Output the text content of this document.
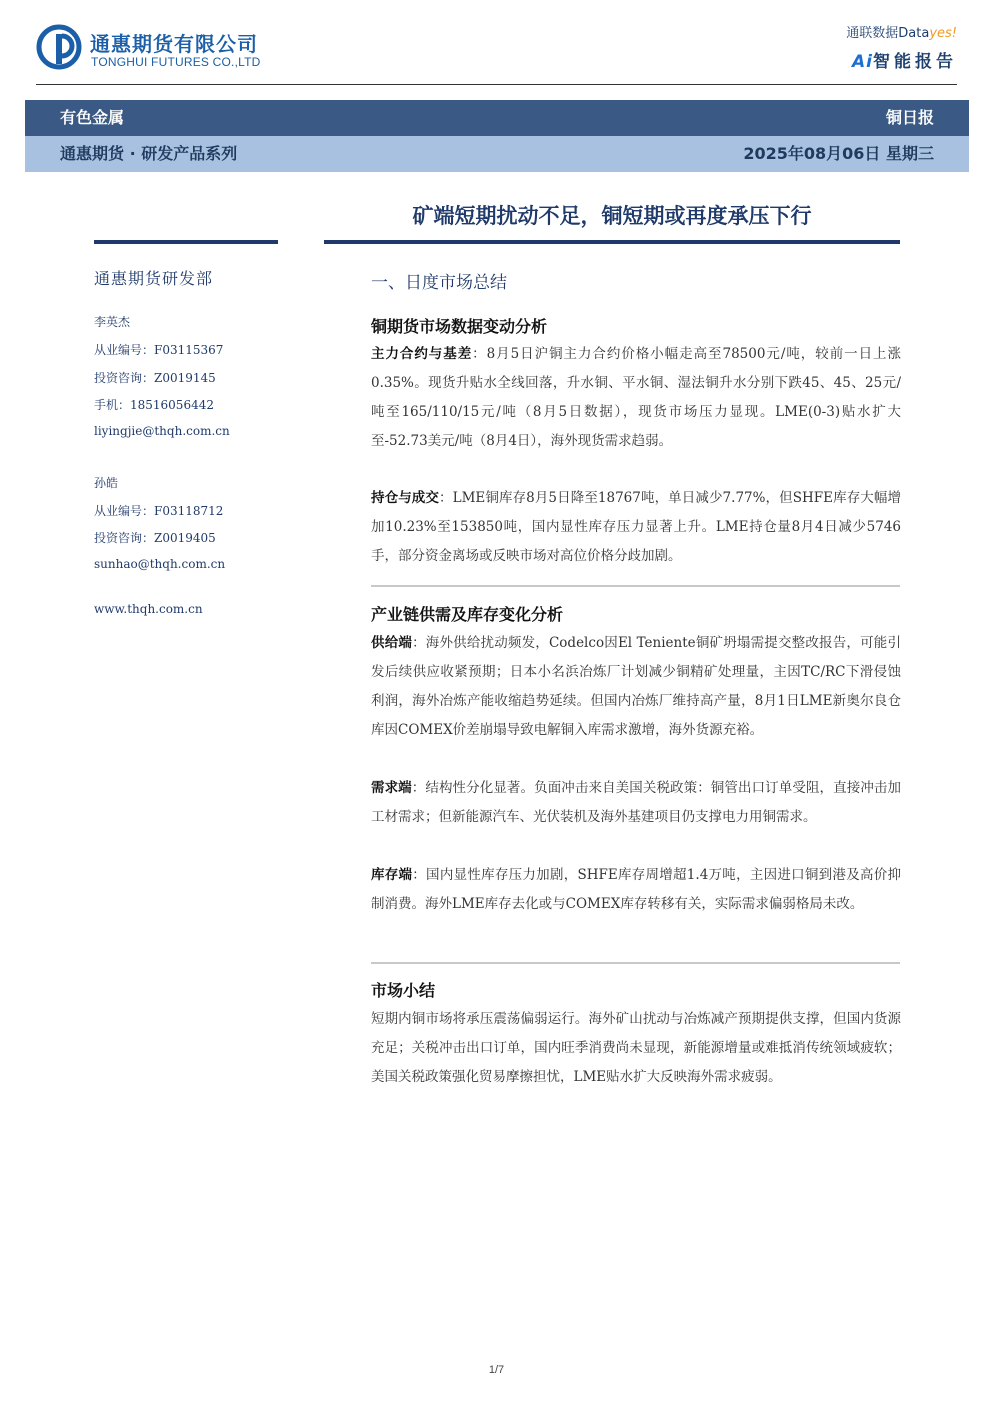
通惠期货有限公司
TONGHUI FUTURES CO.,LTD
通联数据Datayes!
Ai智能报告
有色金属	铜日报
通惠期货 · 研发产品系列	2025年08月06日 星期三
矿端短期扰动不足，铜短期或再度承压下行
通惠期货研发部
李英杰
从业编号：F03115367
投资咨询：Z0019145
手机：18516056442
liyingjie@thqh.com.cn
孙皓
从业编号：F03118712
投资咨询：Z0019405
sunhao@thqh.com.cn
www.thqh.com.cn
一、日度市场总结
铜期货市场数据变动分析
主力合约与基差：8月5日沪铜主力合约价格小幅走高至78500元/吨，较前一日上涨0.35%。现货升贴水全线回落，升水铜、平水铜、湿法铜升水分别下跌45、45、25元/吨至165/110/15元/吨（8月5日数据），现货市场压力显现。LME(0-3)贴水扩大至-52.73美元/吨（8月4日），海外现货需求趋弱。
持仓与成交：LME铜库存8月5日降至18767吨，单日减少7.77%，但SHFE库存大幅增加10.23%至153850吨，国内显性库存压力显著上升。LME持仓量8月4日减少5746手，部分资金离场或反映市场对高位价格分歧加剧。
产业链供需及库存变化分析
供给端：海外供给扰动频发，Codelco因El Teniente铜矿坍塌需提交整改报告，可能引发后续供应收紧预期；日本小名浜冶炼厂计划减少铜精矿处理量，主因TC/RC下滑侵蚀利润，海外冶炼产能收缩趋势延续。但国内冶炼厂维持高产量，8月1日LME新奥尔良仓库因COMEX价差崩塌导致电解铜入库需求激增，海外货源充裕。
需求端：结构性分化显著。负面冲击来自美国关税政策：铜管出口订单受阻，直接冲击加工材需求；但新能源汽车、光伏装机及海外基建项目仍支撑电力用铜需求。
库存端：国内显性库存压力加剧，SHFE库存周增超1.4万吨，主因进口铜到港及高价抑制消费。海外LME库存去化或与COMEX库存转移有关，实际需求偏弱格局未改。
市场小结
短期内铜市场将承压震荡偏弱运行。海外矿山扰动与冶炼减产预期提供支撑，但国内货源充足；关税冲击出口订单，国内旺季消费尚未显现，新能源增量或难抵消传统领域疲软；美国关税政策强化贸易摩擦担忧，LME贴水扩大反映海外需求疲弱。
1/7
